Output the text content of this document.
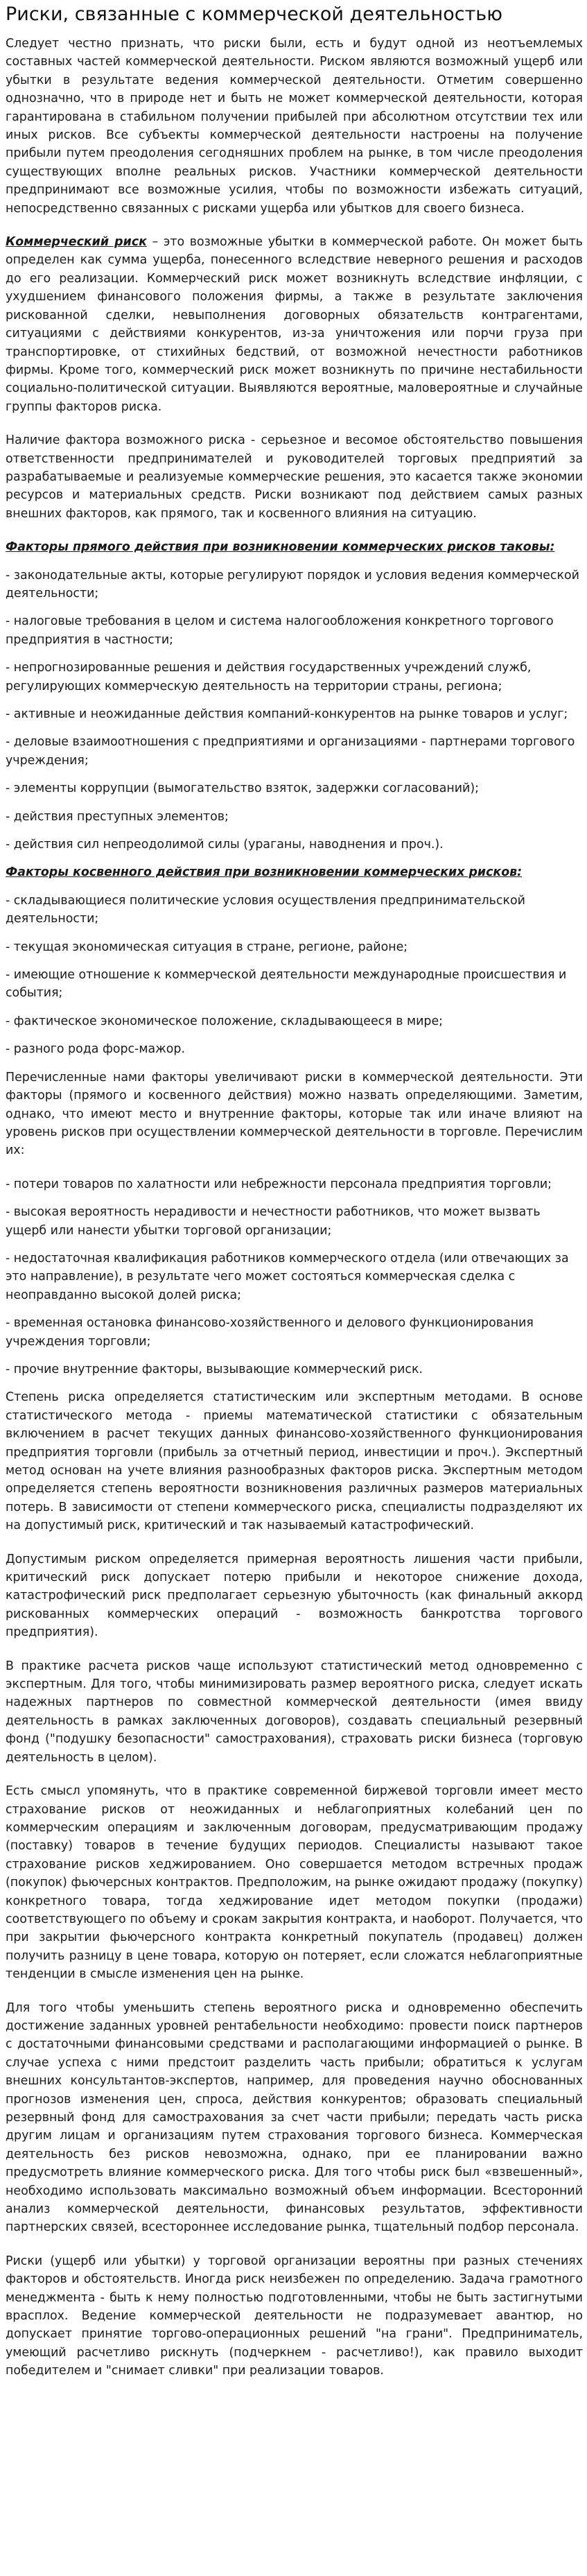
Риски, связанные с коммерческой деятельностью

Следует честно признать, что риски были, есть и будут одной из неотъемлемых составных частей коммерческой деятельности. Риском являются возможный ущерб или убытки в результате ведения коммерческой деятельности. Отметим совершенно однозначно, что в природе нет и быть не может коммерческой деятельности, которая гарантирована в стабильном получении прибылей при абсолютном отсутствии тех или иных рисков. Все субъекты коммерческой деятельности настроены на получение прибыли путем преодоления сегодняшних проблем на рынке, в том числе преодоления существующих вполне реальных рисков. Участники коммерческой деятельности предпринимают все возможные усилия, чтобы по возможности избежать ситуаций, непосредственно связанных с рисками ущерба или убытков для своего бизнеса.

Коммерческий риск – это возможные убытки в коммерческой работе. Он может быть определен как сумма ущерба, понесенного вследствие неверного решения и расходов до его реализации. Коммерческий риск может возникнуть вследствие инфляции, с ухудшением финансового положения фирмы, а также в результате заключения рискованной сделки, невыполнения договорных обязательств контрагентами, ситуациями с действиями конкурентов, из-за уничтожения или порчи груза при транспортировке, от стихийных бедствий, от возможной нечестности работников фирмы. Кроме того, коммерческий риск может возникнуть по причине нестабильности социально-политической ситуации. Выявляются вероятные, маловероятные и случайные группы факторов риска.

Наличие фактора возможного риска - серьезное и весомое обстоятельство повышения ответственности предпринимателей и руководителей торговых предприятий за разрабатываемые и реализуемые коммерческие решения, это касается также экономии ресурсов и материальных средств. Риски возникают под действием самых разных внешних факторов, как прямого, так и косвенного влияния на ситуацию.

Факторы прямого действия при возникновении коммерческих рисков таковы:

- законодательные акты, которые регулируют порядок и условия ведения коммерческой деятельности;

- налоговые требования в целом и система налогообложения конкретного торгового предприятия в частности;

- непрогнозированные решения и действия государственных учреждений служб, регулирующих коммерческую деятельность на территории страны, региона;

- активные и неожиданные действия компаний-конкурентов на рынке товаров и услуг;

- деловые взаимоотношения с предприятиями и организациями - партнерами торгового учреждения;

- элементы коррупции (вымогательство взяток, задержки согласований);

- действия преступных элементов;

- действия сил непреодолимой силы (ураганы, наводнения и проч.).

Факторы косвенного действия при возникновении коммерческих рисков:

- складывающиеся политические условия осуществления предпринимательской деятельности;

- текущая экономическая ситуация в стране, регионе, районе;

- имеющие отношение к коммерческой деятельности международные происшествия и события;

- фактическое экономическое положение, складывающееся в мире;

- разного рода форс-мажор.

Перечисленные нами факторы увеличивают риски в коммерческой деятельности. Эти факторы (прямого и косвенного действия) можно назвать определяющими. Заметим, однако, что имеют место и внутренние факторы, которые так или иначе влияют на уровень рисков при осуществлении коммерческой деятельности в торговле. Перечислим их:

- потери товаров по халатности или небрежности персонала предприятия торговли;

- высокая вероятность нерадивости и нечестности работников, что может вызвать ущерб или нанести убытки торговой организации;

- недостаточная квалификация работников коммерческого отдела (или отвечающих за это направление), в результате чего может состояться коммерческая сделка с неоправданно высокой долей риска;

- временная остановка финансово-хозяйственного и делового функционирования учреждения торговли;

- прочие внутренние факторы, вызывающие коммерческий риск.

Степень риска определяется статистическим или экспертным методами. В основе статистического метода - приемы математической статистики с обязательным включением в расчет текущих данных финансово-хозяйственного функционирования предприятия торговли (прибыль за отчетный период, инвестиции и проч.). Экспертный метод основан на учете влияния разнообразных факторов риска. Экспертным методом определяется степень вероятности возникновения различных размеров материальных потерь. В зависимости от степени коммерческого риска, специалисты подразделяют их на допустимый риск, критический и так называемый катастрофический.

Допустимым риском определяется примерная вероятность лишения части прибыли, критический риск допускает потерю прибыли и некоторое снижение дохода, катастрофический риск предполагает серьезную убыточность (как финальный аккорд рискованных коммерческих операций - возможность банкротства торгового предприятия).

В практике расчета рисков чаще используют статистический метод одновременно с экспертным. Для того, чтобы минимизировать размер вероятного риска, следует искать надежных партнеров по совместной коммерческой деятельности (имея ввиду деятельность в рамках заключенных договоров), создавать специальный резервный фонд ("подушку безопасности" самострахования), страховать риски бизнеса (торговую деятельность в целом).

Есть смысл упомянуть, что в практике современной биржевой торговли имеет место страхование рисков от неожиданных и неблагоприятных колебаний цен по коммерческим операциям и заключенным договорам, предусматривающим продажу (поставку) товаров в течение будущих периодов. Специалисты называют такое страхование рисков хеджированием. Оно совершается методом встречных продаж (покупок) фьючерсных контрактов. Предположим, на рынке ожидают продажу (покупку) конкретного товара, тогда хеджирование идет методом покупки (продажи) соответствующего по объему и срокам закрытия контракта, и наоборот. Получается, что при закрытии фьючерсного контракта конкретный покупатель (продавец) должен получить разницу в цене товара, которую он потеряет, если сложатся неблагоприятные тенденции в смысле изменения цен на рынке.

Для того чтобы уменьшить степень вероятного риска и одновременно обеспечить достижение заданных уровней рентабельности необходимо: провести поиск партнеров с достаточными финансовыми средствами и располагающими информацией о рынке. В случае успеха с ними предстоит разделить часть прибыли; обратиться к услугам внешних консультантов-экспертов, например, для проведения научно обоснованных прогнозов изменения цен, спроса, действия конкурентов; образовать специальный резервный фонд для самострахования за счет части прибыли; передать часть риска другим лицам и организациям путем страхования торгового бизнеса. Коммерческая деятельность без рисков невозможна, однако, при ее планировании важно предусмотреть влияние коммерческого риска. Для того чтобы риск был «взвешенный», необходимо использовать максимально возможный объем информации. Всесторонний анализ коммерческой деятельности, финансовых результатов, эффективности партнерских связей, всестороннее исследование рынка, тщательный подбор персонала.

Риски (ущерб или убытки) у торговой организации вероятны при разных стечениях факторов и обстоятельств. Иногда риск неизбежен по определению. Задача грамотного менеджмента - быть к нему полностью подготовленными, чтобы не быть застигнутыми врасплох. Ведение коммерческой деятельности не подразумевает авантюр, но допускает принятие торгово-операционных решений "на грани". Предприниматель, умеющий расчетливо рискнуть (подчеркнем - расчетливо!), как правило выходит победителем и "снимает сливки" при реализации товаров.
